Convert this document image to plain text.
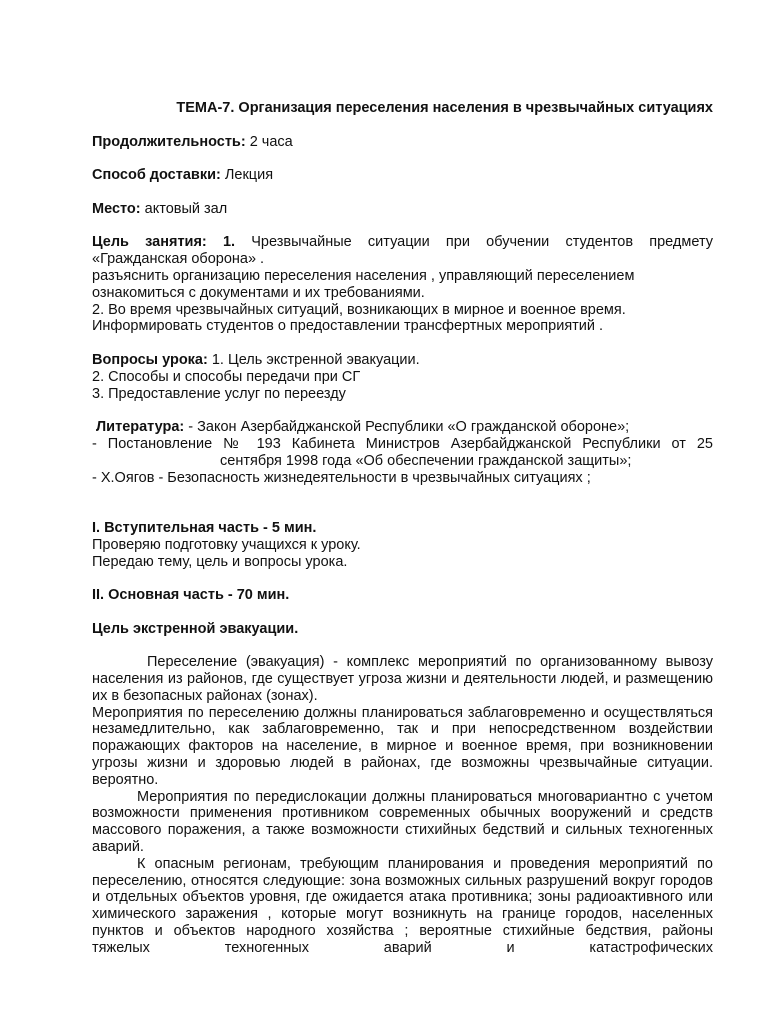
ТЕМА-7. Организация переселения населения в чрезвычайных ситуациях

Продолжительность: 2 часа

Способ доставки: Лекция

Место: актовый зал

Цель занятия: 1. Чрезвычайные ситуации при обучении студентов предмету «Гражданская оборона» .

разъяснить организацию переселения населения , управляющий переселением ознакомиться с документами и их требованиями.

2. Во время чрезвычайных ситуаций, возникающих в мирное и военное время.

Информировать студентов о предоставлении трансфертных мероприятий .

Вопросы урока: 1. Цель экстренной эвакуации.

2. Способы и способы передачи при СГ

3. Предоставление услуг по переезду

Литература: - Закон Азербайджанской Республики «О гражданской обороне»;

- Постановление № 193 Кабинета Министров Азербайджанской Республики от 25

сентября 1998 года «Об обеспечении гражданской защиты»;

- Х.Оягов - Безопасность жизнедеятельности в чрезвычайных ситуациях ;

I. Вступительная часть - 5 мин.

Проверяю подготовку учащихся к уроку.

Передаю тему, цель и вопросы урока.

II. Основная часть - 70 мин.

Цель экстренной эвакуации.

Переселение (эвакуация) - комплекс мероприятий по организованному вывозу населения из районов, где существует угроза жизни и деятельности людей, и размещению их в безопасных районах (зонах).

Мероприятия по переселению должны планироваться заблаговременно и осуществляться незамедлительно, как заблаговременно, так и при непосредственном воздействии поражающих факторов на население, в мирное и военное время, при возникновении угрозы жизни и здоровью людей в районах, где возможны чрезвычайные ситуации. вероятно.

Мероприятия по передислокации должны планироваться многовариантно с учетом возможности применения противником современных обычных вооружений и средств массового поражения, а также возможности стихийных бедствий и сильных техногенных аварий.

К опасным регионам, требующим планирования и проведения мероприятий по переселению, относятся следующие: зона возможных сильных разрушений вокруг городов и отдельных объектов уровня, где ожидается атака противника; зоны радиоактивного или химического заражения , которые могут возникнуть на границе городов, населенных пунктов и объектов народного хозяйства ; вероятные стихийные бедствия, районы тяжелых техногенных аварий и катастрофических
